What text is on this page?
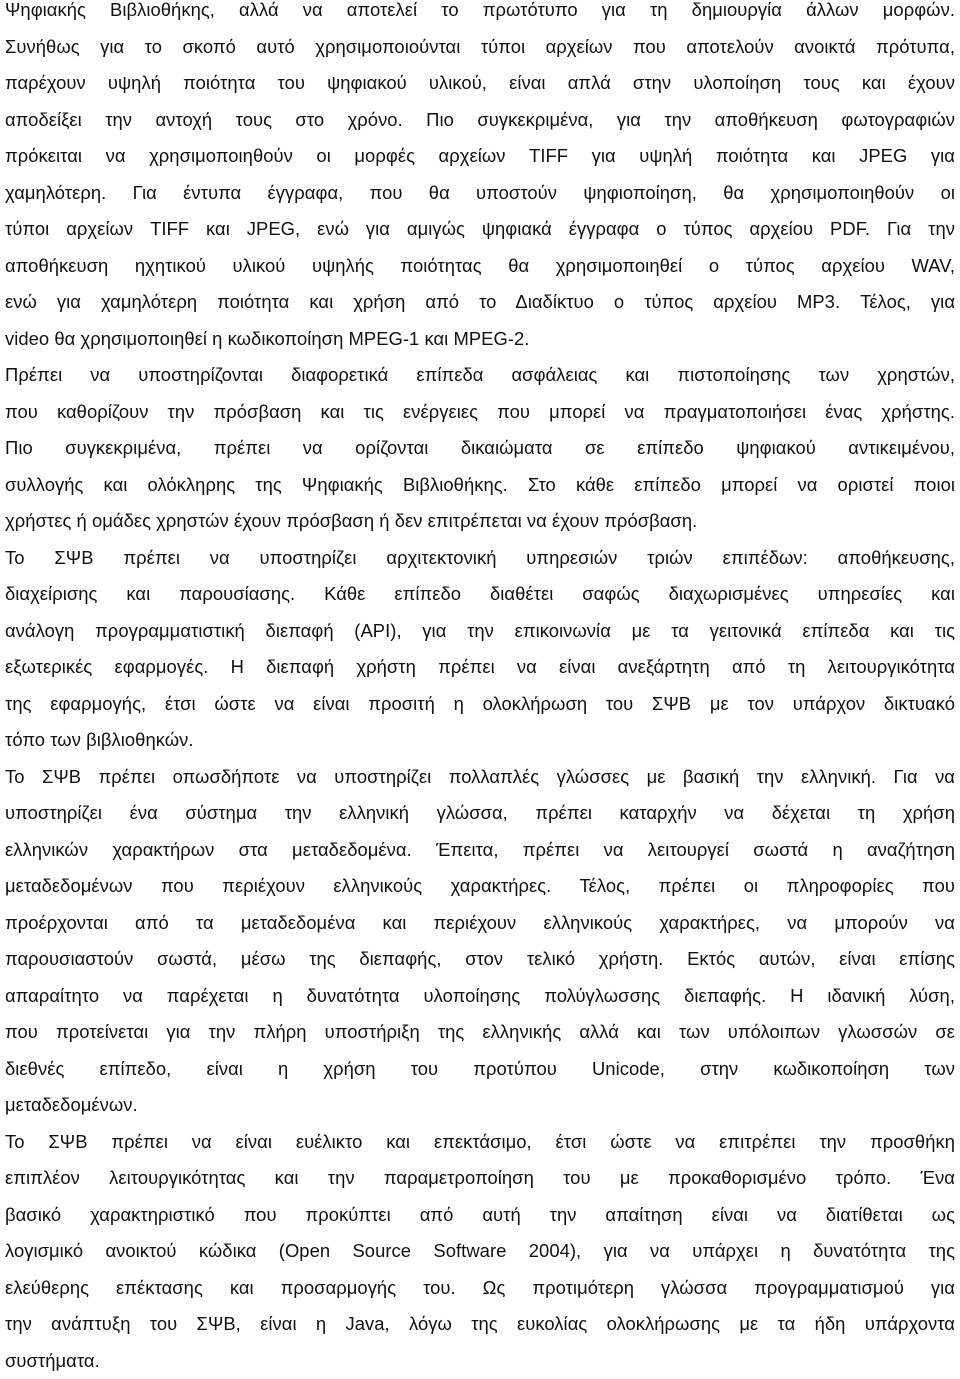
Ψηφιακής Βιβλιοθήκης, αλλά να αποτελεί το πρωτότυπο για τη δημιουργία άλλων μορφών.
Συνήθως για το σκοπό αυτό χρησιμοποιούνται τύποι αρχείων που αποτελούν ανοικτά πρότυπα,
παρέχουν υψηλή ποιότητα του ψηφιακού υλικού, είναι απλά στην υλοποίηση τους και έχουν
αποδείξει την αντοχή τους στο χρόνο. Πιο συγκεκριμένα, για την αποθήκευση φωτογραφιών
πρόκειται να χρησιμοποιηθούν οι μορφές αρχείων TIFF για υψηλή ποιότητα και JPEG για
χαμηλότερη. Για έντυπα έγγραφα, που θα υποστούν ψηφιοποίηση, θα χρησιμοποιηθούν οι
τύποι αρχείων TIFF και JPEG, ενώ για αμιγώς ψηφιακά έγγραφα ο τύπος αρχείου PDF. Για την
αποθήκευση ηχητικού υλικού υψηλής ποιότητας θα χρησιμοποιηθεί ο τύπος αρχείου WAV,
ενώ για χαμηλότερη ποιότητα και χρήση από το Διαδίκτυο ο τύπος αρχείου MP3. Τέλος, για
video θα χρησιμοποιηθεί η κωδικοποίηση MPEG-1 και MPEG-2.
Πρέπει να υποστηρίζονται διαφορετικά επίπεδα ασφάλειας και πιστοποίησης των χρηστών,
που καθορίζουν την πρόσβαση και τις ενέργειες που μπορεί να πραγματοποιήσει ένας χρήστης.
Πιο συγκεκριμένα, πρέπει να ορίζονται δικαιώματα σε επίπεδο ψηφιακού αντικειμένου,
συλλογής και ολόκληρης της Ψηφιακής Βιβλιοθήκης. Στο κάθε επίπεδο μπορεί να οριστεί ποιοι
χρήστες ή ομάδες χρηστών έχουν πρόσβαση ή δεν επιτρέπεται να έχουν πρόσβαση.
Το ΣΨΒ πρέπει να υποστηρίζει αρχιτεκτονική υπηρεσιών τριών επιπέδων: αποθήκευσης,
διαχείρισης και παρουσίασης. Κάθε επίπεδο διαθέτει σαφώς διαχωρισμένες υπηρεσίες και
ανάλογη προγραμματιστική διεπαφή (API), για την επικοινωνία με τα γειτονικά επίπεδα και τις
εξωτερικές εφαρμογές. Η διεπαφή χρήστη πρέπει να είναι ανεξάρτητη από τη λειτουργικότητα
της εφαρμογής, έτσι ώστε να είναι προσιτή η ολοκλήρωση του ΣΨΒ με τον υπάρχον δικτυακό
τόπο των βιβλιοθηκών.
Το ΣΨΒ πρέπει οπωσδήποτε να υποστηρίζει πολλαπλές γλώσσες με βασική την ελληνική. Για να
υποστηρίζει ένα σύστημα την ελληνική γλώσσα, πρέπει καταρχήν να δέχεται τη χρήση
ελληνικών χαρακτήρων στα μεταδεδομένα. Έπειτα, πρέπει να λειτουργεί σωστά η αναζήτηση
μεταδεδομένων που περιέχουν ελληνικούς χαρακτήρες. Τέλος, πρέπει οι πληροφορίες που
προέρχονται από τα μεταδεδομένα και περιέχουν ελληνικούς χαρακτήρες, να μπορούν να
παρουσιαστούν σωστά, μέσω της διεπαφής, στον τελικό χρήστη. Εκτός αυτών, είναι επίσης
απαραίτητο να παρέχεται η δυνατότητα υλοποίησης πολύγλωσσης διεπαφής. Η ιδανική λύση,
που προτείνεται για την πλήρη υποστήριξη της ελληνικής αλλά και των υπόλοιπων γλωσσών σε
διεθνές επίπεδο, είναι η χρήση του προτύπου Unicode, στην κωδικοποίηση των
μεταδεδομένων.
Το ΣΨΒ πρέπει να είναι ευέλικτο και επεκτάσιμο, έτσι ώστε να επιτρέπει την προσθήκη
επιπλέον λειτουργικότητας και την παραμετροποίηση του με προκαθορισμένο τρόπο. Ένα
βασικό χαρακτηριστικό που προκύπτει από αυτή την απαίτηση είναι να διατίθεται ως
λογισμικό ανοικτού κώδικα (Open Source Software 2004), για να υπάρχει η δυνατότητα της
ελεύθερης επέκτασης και προσαρμογής του. Ως προτιμότερη γλώσσα προγραμματισμού για
την ανάπτυξη του ΣΨΒ, είναι η Java, λόγω της ευκολίας ολοκλήρωσης με τα ήδη υπάρχοντα
συστήματα.
